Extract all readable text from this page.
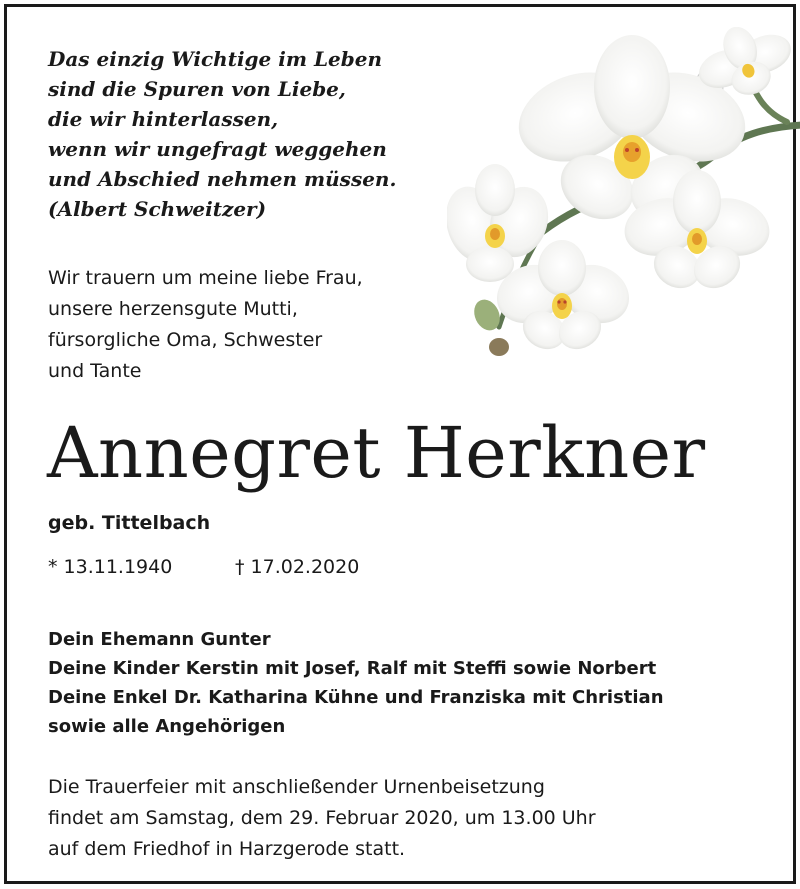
Das einzig Wichtige im Leben
sind die Spuren von Liebe,
die wir hinterlassen,
wenn wir ungefragt weggehen
und Abschied nehmen müssen.
(Albert Schweitzer)
Wir trauern um meine liebe Frau,
unsere herzensgute Mutti,
fürsorgliche Oma, Schwester
und Tante
Annegret Herkner
geb. Tittelbach
* 13.11.1940	† 17.02.2020
Dein Ehemann Gunter
Deine Kinder Kerstin mit Josef, Ralf mit Steffi sowie Norbert
Deine Enkel Dr. Katharina Kühne und Franziska mit Christian
sowie alle Angehörigen
Die Trauerfeier mit anschließender Urnenbeisetzung
findet am Samstag, dem 29. Februar 2020, um 13.00 Uhr
auf dem Friedhof in Harzgerode statt.
